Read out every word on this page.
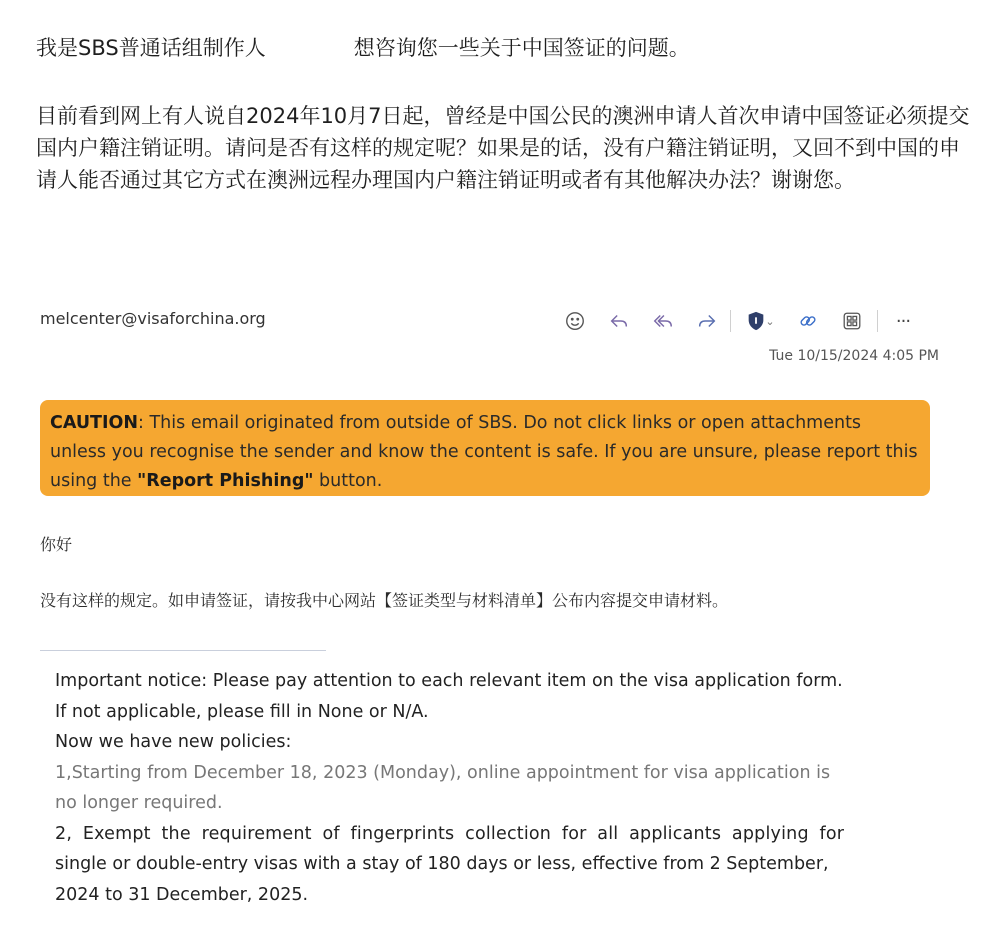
我是SBS普通话组制作人	想咨询您一些关于中国签证的问题。
目前看到网上有人说自2024年10月7日起，曾经是中国公民的澳洲申请人首次申请中国签证必须提交国内户籍注销证明。请问是否有这样的规定呢？如果是的话，没有户籍注销证明，又回不到中国的申请人能否通过其它方式在澳洲远程办理国内户籍注销证明或者有其他解决办法？谢谢您。
melcenter@visaforchina.org	⌄	···
Tue 10/15/2024 4:05 PM
CAUTION: This email originated from outside of SBS. Do not click links or open attachments unless you recognise the sender and know the content is safe. If you are unsure, please report this using the "Report Phishing" button.
你好
没有这样的规定。如申请签证，请按我中心网站【签证类型与材料清单】公布内容提交申请材料。
Important notice: Please pay attention to each relevant item on the visa application form.
If not applicable, please fill in None or N/A.
Now we have new policies:
1,Starting from December 18, 2023 (Monday), online appointment for visa application is
no longer required.
2, Exempt the requirement of fingerprints collection for all applicants applying for
single or double-entry visas with a stay of 180 days or less, effective from 2 September,
2024 to 31 December, 2025.
